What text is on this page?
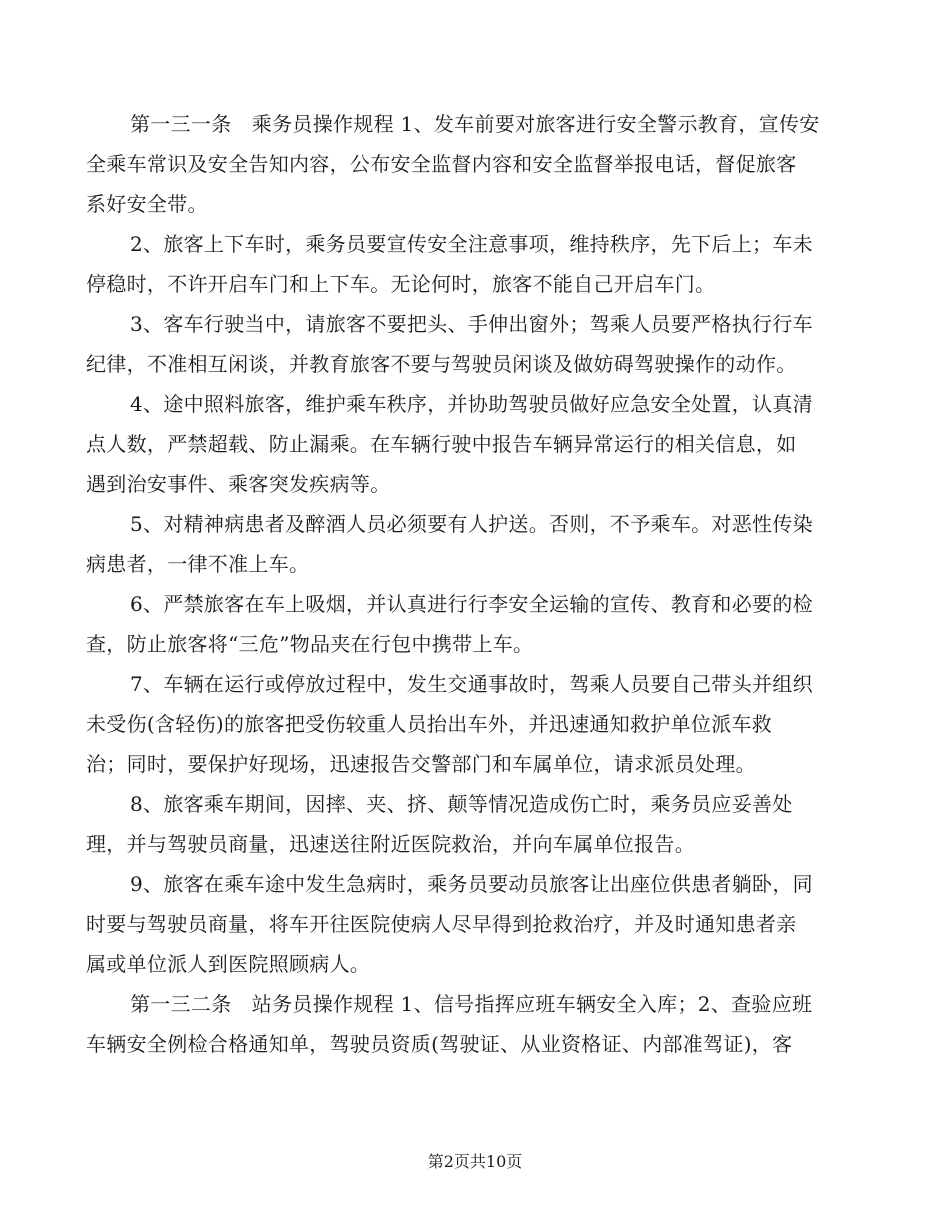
第一三一条　乘务员操作规程 1、发车前要对旅客进行安全警示教育，宣传安
全乘车常识及安全告知内容，公布安全监督内容和安全监督举报电话，督促旅客
系好安全带。
2、旅客上下车时，乘务员要宣传安全注意事项，维持秩序，先下后上；车未
停稳时，不许开启车门和上下车。无论何时，旅客不能自己开启车门。
3、客车行驶当中，请旅客不要把头、手伸出窗外；驾乘人员要严格执行行车
纪律，不准相互闲谈，并教育旅客不要与驾驶员闲谈及做妨碍驾驶操作的动作。
4、途中照料旅客，维护乘车秩序，并协助驾驶员做好应急安全处置，认真清
点人数，严禁超载、防止漏乘。在车辆行驶中报告车辆异常运行的相关信息，如
遇到治安事件、乘客突发疾病等。
5、对精神病患者及醉酒人员必须要有人护送。否则，不予乘车。对恶性传染
病患者，一律不准上车。
6、严禁旅客在车上吸烟，并认真进行行李安全运输的宣传、教育和必要的检
查，防止旅客将“三危”物品夹在行包中携带上车。
7、车辆在运行或停放过程中，发生交通事故时，驾乘人员要自己带头并组织
未受伤(含轻伤)的旅客把受伤较重人员抬出车外，并迅速通知救护单位派车救
治；同时，要保护好现场，迅速报告交警部门和车属单位，请求派员处理。
8、旅客乘车期间，因摔、夹、挤、颠等情况造成伤亡时，乘务员应妥善处
理，并与驾驶员商量，迅速送往附近医院救治，并向车属单位报告。
9、旅客在乘车途中发生急病时，乘务员要动员旅客让出座位供患者躺卧，同
时要与驾驶员商量，将车开往医院使病人尽早得到抢救治疗，并及时通知患者亲
属或单位派人到医院照顾病人。
第一三二条　站务员操作规程 1、信号指挥应班车辆安全入库；2、查验应班
车辆安全例检合格通知单，驾驶员资质(驾驶证、从业资格证、内部准驾证)，客
第2页共10页
